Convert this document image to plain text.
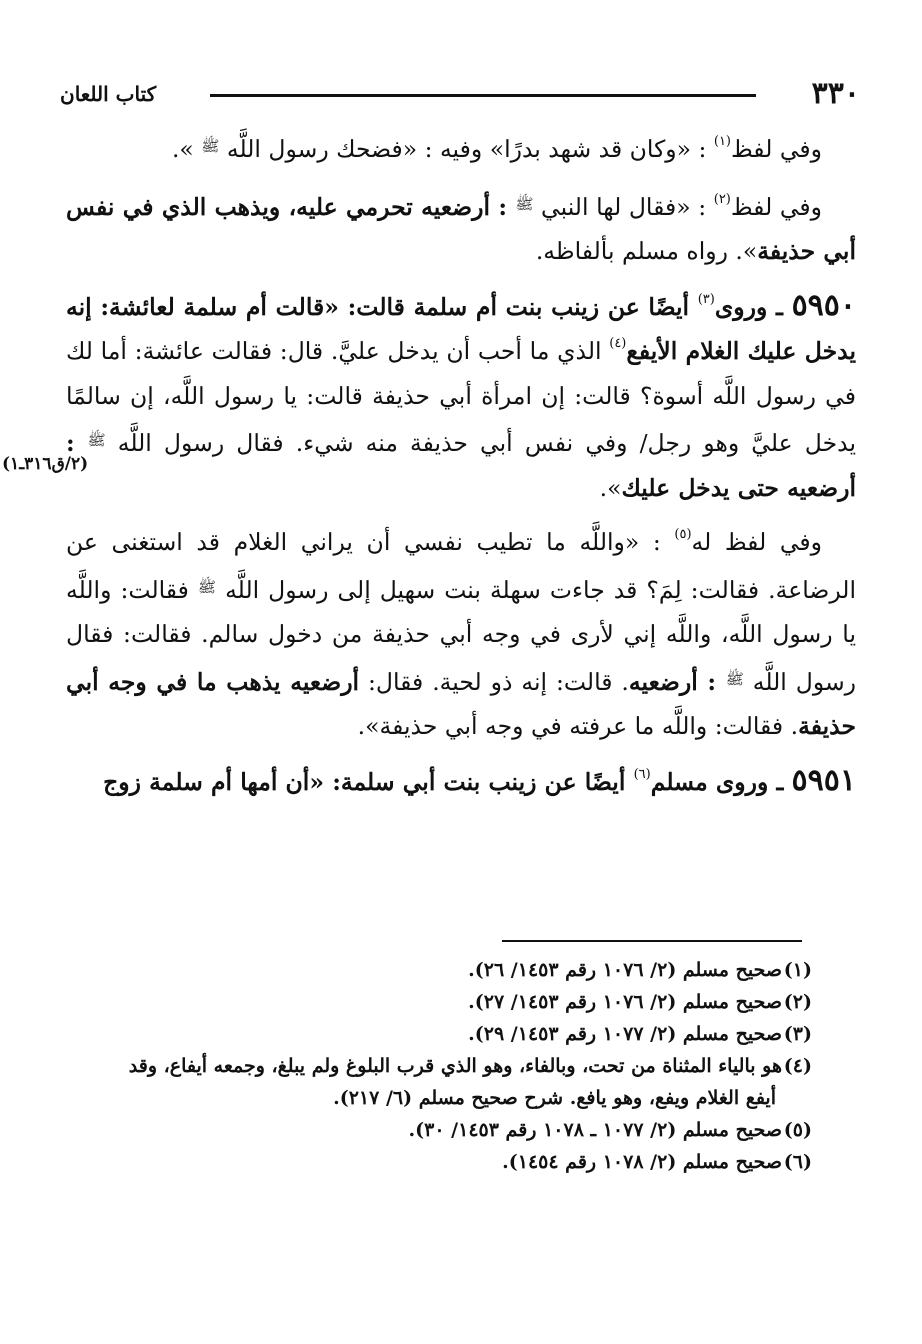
٣٣٠
كتاب اللعان
(٢/ق٣١٦ـ١)

وفي لفظ$^{(١)}$ : «وكان قد شهد بدرًا» وفيه : «فضحك رسول اللَّه $^ﷺ$ ».

وفي لفظ$^{(٢)}$ : «فقال لها النبي $^ﷺ$ : أرضعيه تحرمي عليه، ويذهب الذي في نفس أبي حذيفة». رواه مسلم بألفاظه.

٥٩٥٠ ـ وروى$^{(٣)}$ أيضًا عن زينب بنت أم سلمة قالت: «قالت أم سلمة لعائشة: إنه يدخل عليك الغلام الأيفع$^{(٤)}$ الذي ما أحب أن يدخل عليَّ. قال: فقالت عائشة: أما لك في رسول اللَّه أسوة؟ قالت: إن امرأة أبي حذيفة قالت: يا رسول اللَّه، إن سالمًا يدخل عليَّ وهو رجل/ وفي نفس أبي حذيفة منه شيء. فقال رسول اللَّه $^ﷺ$ : أرضعيه حتى يدخل عليك».

وفي لفظ له$^{(٥)}$ : «واللَّه ما تطيب نفسي أن يراني الغلام قد استغنى عن الرضاعة. فقالت: لِمَ؟ قد جاءت سهلة بنت سهيل إلى رسول اللَّه $^ﷺ$ فقالت: واللَّه يا رسول اللَّه، واللَّه إني لأرى في وجه أبي حذيفة من دخول سالم. فقالت: فقال رسول اللَّه $^ﷺ$ : أرضعيه. قالت: إنه ذو لحية. فقال: أرضعيه يذهب ما في وجه أبي حذيفة. فقالت: واللَّه ما عرفته في وجه أبي حذيفة».

٥٩٥١ ـ وروى مسلم$^{(٦)}$ أيضًا عن زينب بنت أبي سلمة: «أن أمها أم سلمة زوج

(١)صحيح مسلم (٢/ ١٠٧٦ رقم ١٤٥٣/ ٢٦).

(٢)صحيح مسلم (٢/ ١٠٧٦ رقم ١٤٥٣/ ٢٧).

(٣)صحيح مسلم (٢/ ١٠٧٧ رقم ١٤٥٣/ ٢٩).

(٤)هو بالياء المثناة من تحت، وبالفاء، وهو الذي قرب البلوغ ولم يبلغ، وجمعه أيفاع، وقد

أيفع الغلام ويفع، وهو يافع. شرح صحيح مسلم (٦/ ٢١٧).

(٥)صحيح مسلم (٢/ ١٠٧٧ ـ ١٠٧٨ رقم ١٤٥٣/ ٣٠).

(٦)صحيح مسلم (٢/ ١٠٧٨ رقم ١٤٥٤).
